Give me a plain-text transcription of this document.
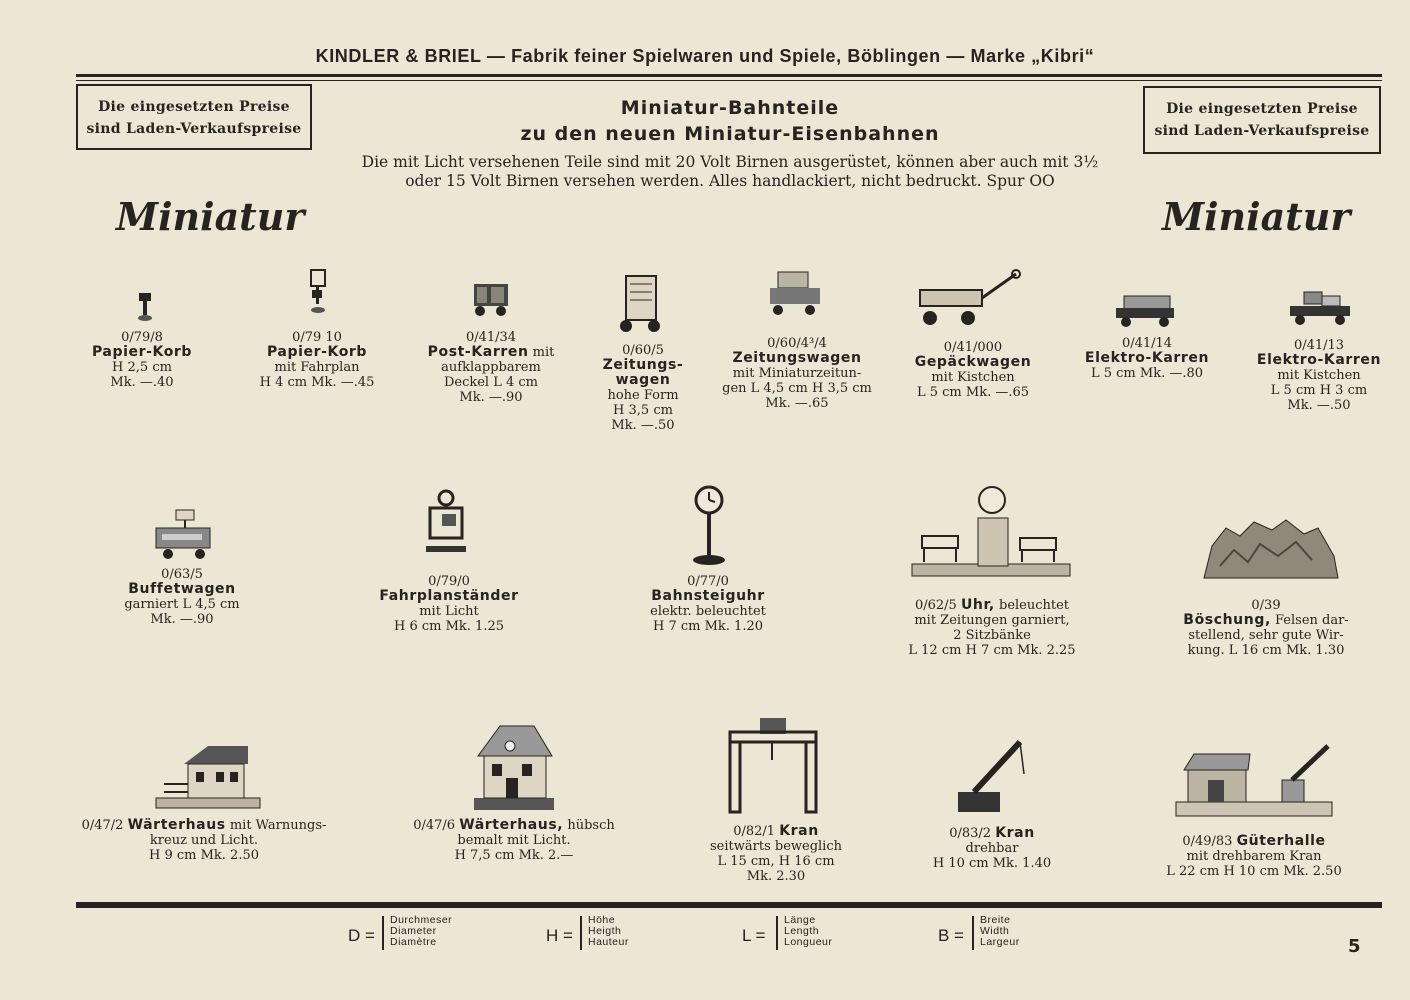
KINDLER & BRIEL — Fabrik feiner Spielwaren und Spiele, Böblingen — Marke „Kibri“
Die eingesetzten Preise
sind Laden-Verkaufspreise
Die eingesetzten Preise
sind Laden-Verkaufspreise
Miniatur-Bahnteile
zu den neuen Miniatur-Eisenbahnen
Die mit Licht versehenen Teile sind mit 20 Volt Birnen ausgerüstet, können aber auch mit 3½
oder 15 Volt Birnen versehen werden. Alles handlackiert, nicht bedruckt. Spur OO
Miniatur	Miniatur
0/79/8
Papier-Korb
H 2,5 cm
Mk. —.40
0/79 10
Papier-Korb
mit Fahrplan
H 4 cm Mk. —.45
0/41/34
Post-Karren mit
aufklappbarem
Deckel L 4 cm
Mk. —.90
0/60/5
Zeitungs-
wagen
hohe Form
H 3,5 cm
Mk. —.50
0/60/4³/4
Zeitungswagen
mit Miniaturzeitun-
gen L 4,5 cm H 3,5 cm
Mk. —.65
0/41/000
Gepäckwagen
mit Kistchen
L 5 cm Mk. —.65
0/41/14
Elektro-Karren
L 5 cm Mk. —.80
0/41/13
Elektro-Karren
mit Kistchen
L 5 cm H 3 cm
Mk. —.50
0/63/5
Buffetwagen
garniert L 4,5 cm
Mk. —.90
0/79/0
Fahrplanständer
mit Licht
H 6 cm Mk. 1.25
0/77/0
Bahnsteiguhr
elektr. beleuchtet
H 7 cm Mk. 1.20
0/62/5 Uhr, beleuchtet
mit Zeitungen garniert,
2 Sitzbänke
L 12 cm H 7 cm Mk. 2.25
0/39
Böschung, Felsen dar-
stellend, sehr gute Wir-
kung. L 16 cm Mk. 1.30
0/47/2 Wärterhaus mit Warnungs-
kreuz und Licht.
H 9 cm Mk. 2.50
0/47/6 Wärterhaus, hübsch
bemalt mit Licht.
H 7,5 cm Mk. 2.—
0/82/1 Kran
seitwärts beweglich
L 15 cm, H 16 cm
Mk. 2.30
0/83/2 Kran
drehbar
H 10 cm Mk. 1.40
0/49/83 Güterhalle
mit drehbarem Kran
L 22 cm H 10 cm Mk. 2.50
D =
Durchmeser
Diameter
Diamètre	H =
Höhe
Heigth
Hauteur	L =
Länge
Length
Longueur	B =
Breite
Width
Largeur	5
